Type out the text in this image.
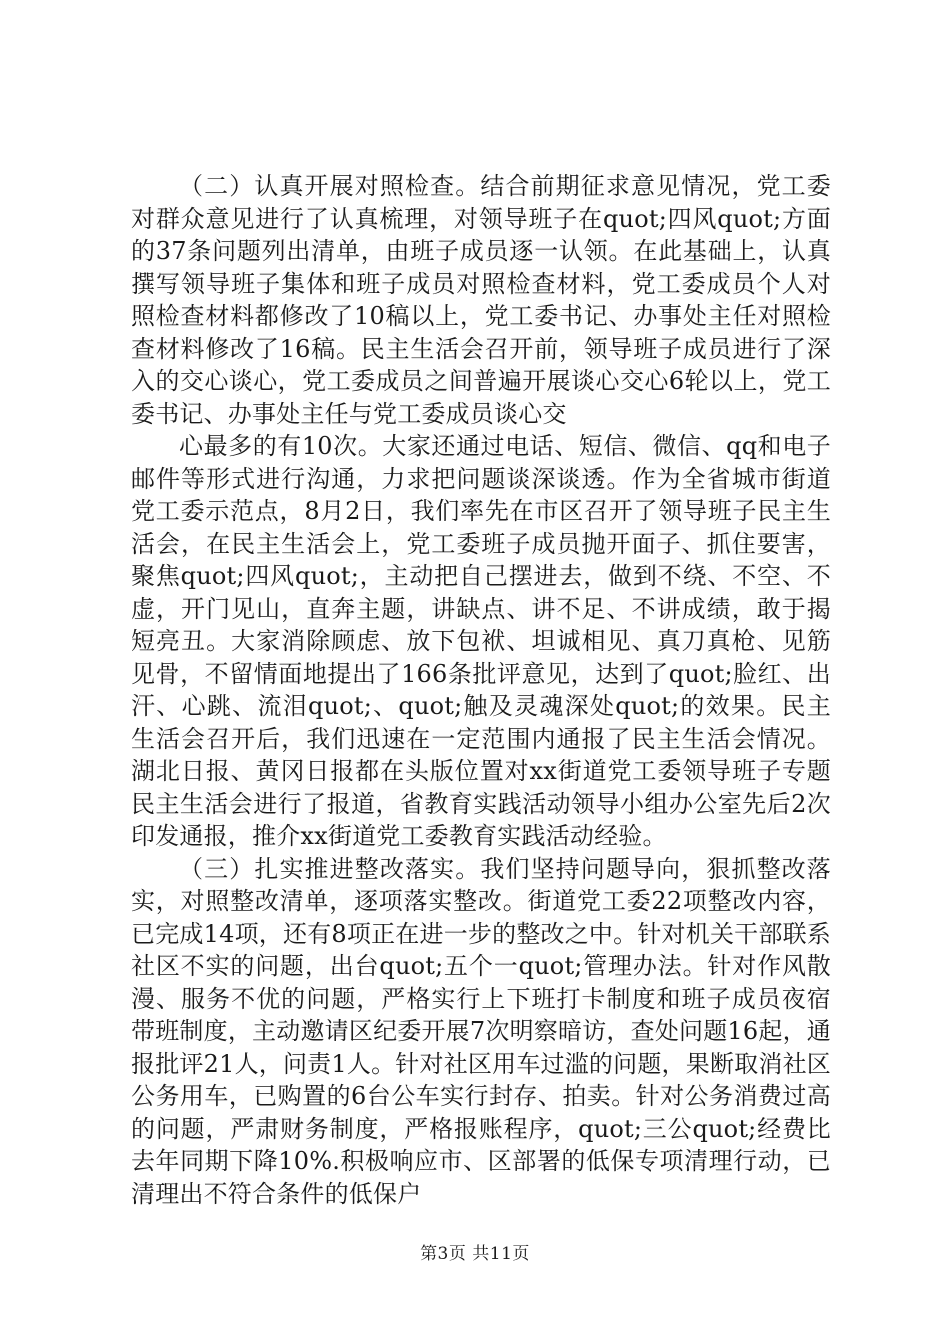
（二）认真开展对照检查。结合前期征求意见情况，党工委对群众意见进行了认真梳理，对领导班子在quot;四风quot;方面的37条问题列出清单，由班子成员逐一认领。在此基础上，认真撰写领导班子集体和班子成员对照检查材料，党工委成员个人对照检查材料都修改了10稿以上，党工委书记、办事处主任对照检查材料修改了16稿。民主生活会召开前，领导班子成员进行了深入的交心谈心，党工委成员之间普遍开展谈心交心6轮以上，党工委书记、办事处主任与党工委成员谈心交

心最多的有10次。大家还通过电话、短信、微信、qq和电子邮件等形式进行沟通，力求把问题谈深谈透。作为全省城市街道党工委示范点，8月2日，我们率先在市区召开了领导班子民主生活会，在民主生活会上，党工委班子成员抛开面子、抓住要害，聚焦quot;四风quot;，主动把自己摆进去，做到不绕、不空、不虚，开门见山，直奔主题，讲缺点、讲不足、不讲成绩，敢于揭短亮丑。大家消除顾虑、放下包袱、坦诚相见、真刀真枪、见筋见骨，不留情面地提出了166条批评意见，达到了quot;脸红、出汗、心跳、流泪quot;、quot;触及灵魂深处quot;的效果。民主生活会召开后，我们迅速在一定范围内通报了民主生活会情况。湖北日报、黄冈日报都在头版位置对xx街道党工委领导班子专题民主生活会进行了报道，省教育实践活动领导小组办公室先后2次印发通报，推介xx街道党工委教育实践活动经验。

（三）扎实推进整改落实。我们坚持问题导向，狠抓整改落实，对照整改清单，逐项落实整改。街道党工委22项整改内容，已完成14项，还有8项正在进一步的整改之中。针对机关干部联系社区不实的问题，出台quot;五个一quot;管理办法。针对作风散漫、服务不优的问题，严格实行上下班打卡制度和班子成员夜宿带班制度，主动邀请区纪委开展7次明察暗访，查处问题16起，通报批评21人，问责1人。针对社区用车过滥的问题，果断取消社区公务用车，已购置的6台公车实行封存、拍卖。针对公务消费过高的问题，严肃财务制度，严格报账程序，quot;三公quot;经费比去年同期下降10%.积极响应市、区部署的低保专项清理行动，已清理出不符合条件的低保户

第3页 共11页
